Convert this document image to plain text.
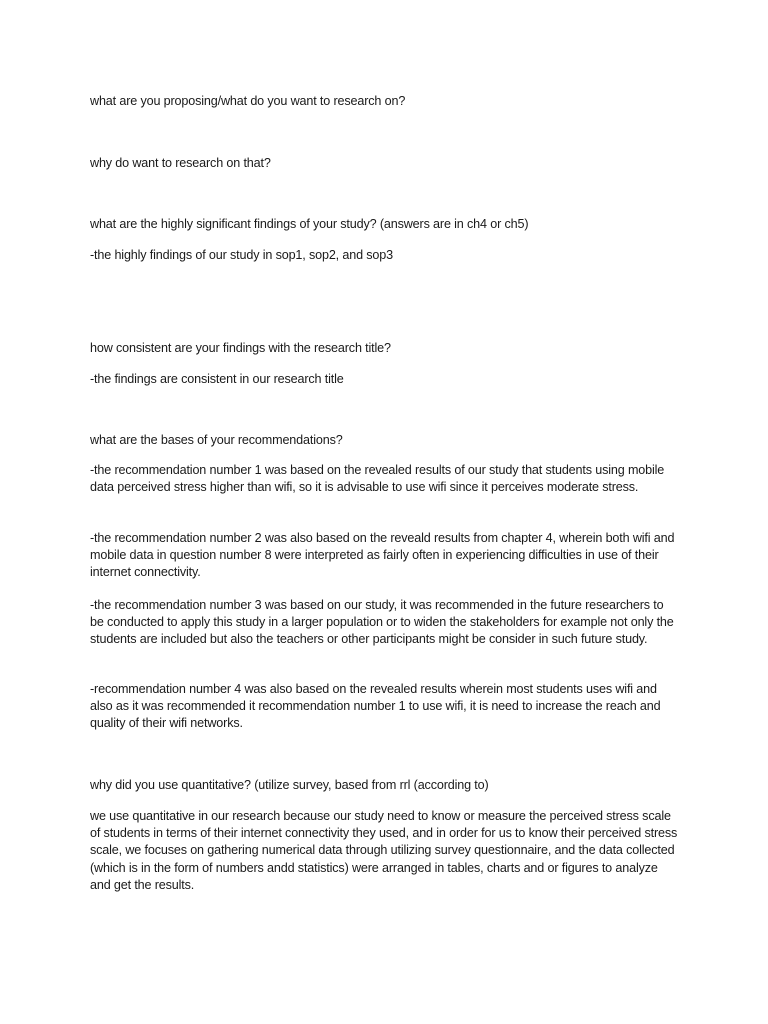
what are you proposing/what do you want to research on?

why do want to research on that?

what are the highly significant findings of your study? (answers are in ch4 or ch5)

-the highly findings of our study in sop1, sop2, and sop3

how consistent are your findings with the research title?

-the findings are consistent in our research title

what are the bases of your recommendations?

-the recommendation number 1 was based on the revealed results of our study that students using mobile data perceived stress higher than wifi, so it is advisable to use wifi since it perceives moderate stress.

-the recommendation number 2 was also based on the reveald results from chapter 4, wherein both wifi and mobile data in question number 8 were interpreted as fairly often in experiencing difficulties in use of their internet connectivity.

-the recommendation number 3 was based on our study, it was recommended in the future researchers to be conducted to apply this study in a larger population or to widen the stakeholders for example not only the students are included but also the teachers or other participants might be consider in such future study.

-recommendation number 4 was also based on the revealed results wherein most students uses wifi and also as it was recommended it recommendation number 1 to use wifi, it is need to increase the reach and quality of their wifi networks.

why did you use quantitative? (utilize survey, based from rrl (according to)

we use quantitative in our research because our study need to know or measure the perceived stress scale of students in terms of their internet connectivity they used, and in order for us to know their perceived stress scale, we focuses on gathering numerical data through utilizing survey questionnaire, and the data collected (which is in the form of numbers andd statistics) were arranged in tables, charts and or figures to analyze and get the results.
